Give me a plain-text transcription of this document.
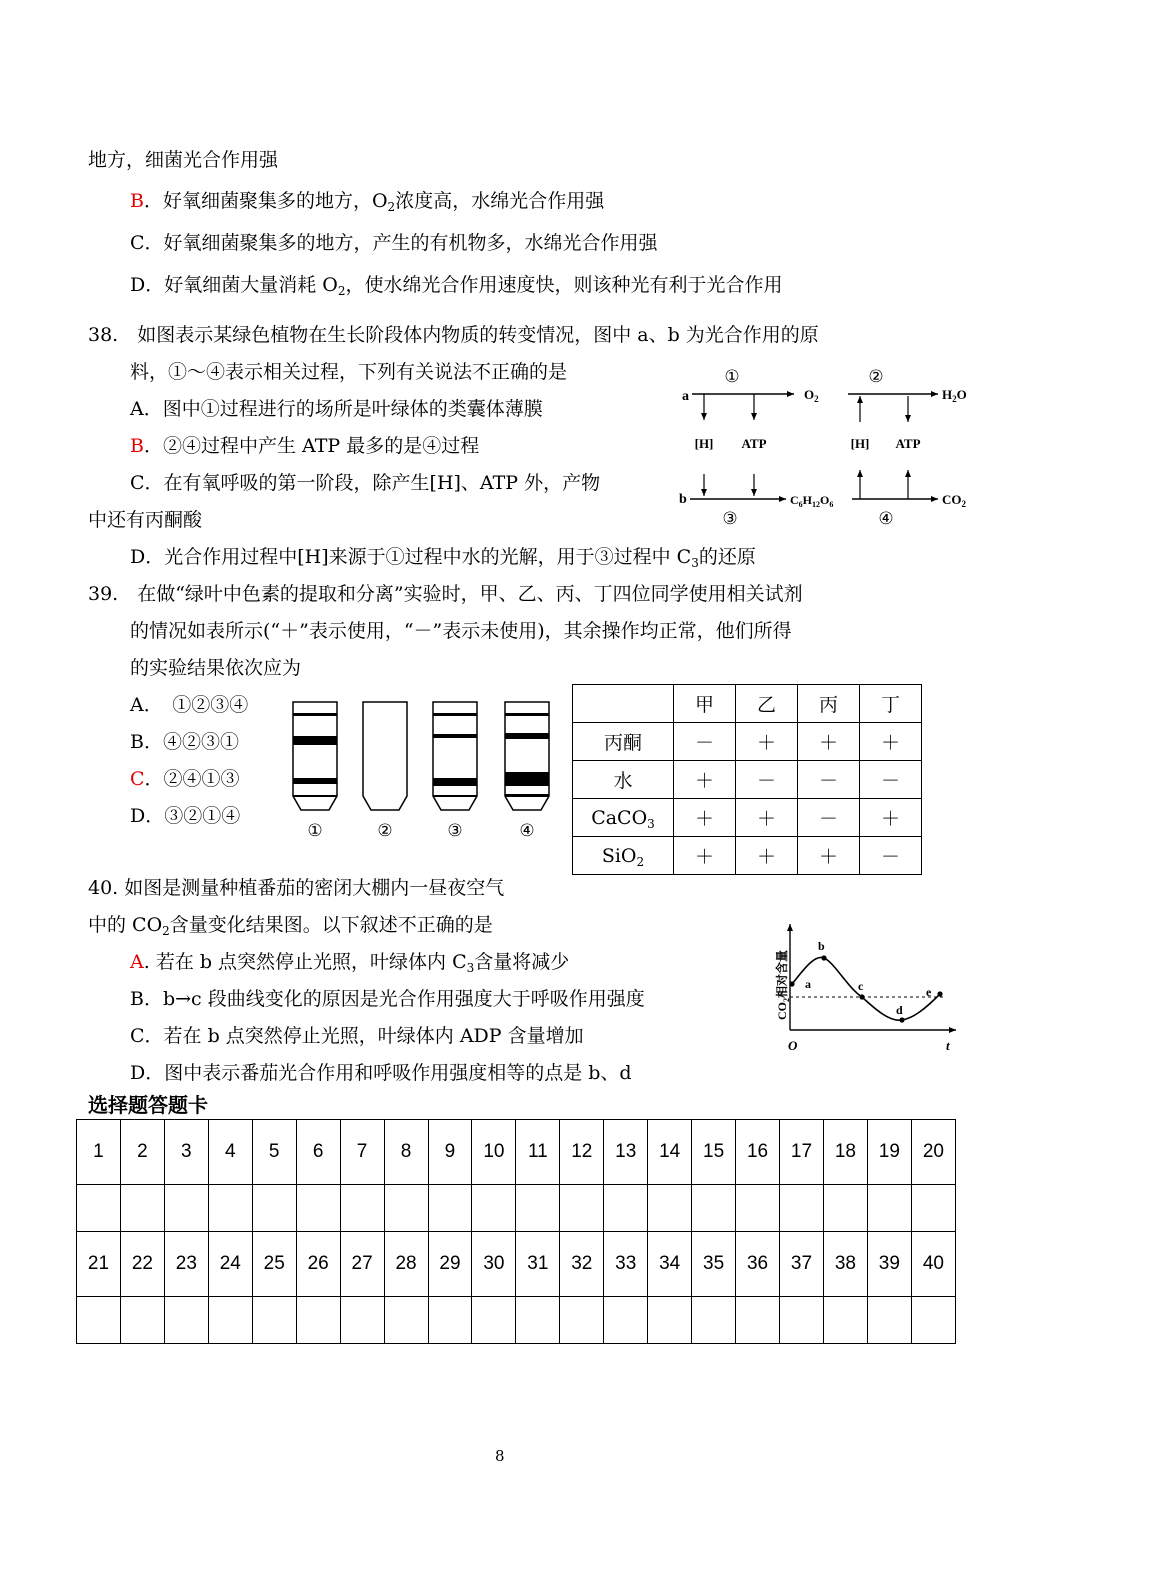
地方，细菌光合作用强
B．好氧细菌聚集多的地方，$O_2$浓度高，水绵光合作用强
C．好氧细菌聚集多的地方，产生的有机物多，水绵光合作用强
D．好氧细菌大量消耗 $O_2$，使水绵光合作用速度快，则该种光有利于光合作用
38.　如图表示某绿色植物在生长阶段体内物质的转变情况，图中 a、b 为光合作用的原
料，①～④表示相关过程，下列有关说法不正确的是
A．图中①过程进行的场所是叶绿体的类囊体薄膜
B．②④过程中产生 ATP 最多的是④过程
C．在有氧呼吸的第一阶段，除产生[H]、ATP 外，产物
中还有丙酮酸
D．光合作用过程中[H]来源于①过程中水的光解，用于③过程中 $C_3$的还原
①	②
a	$O_2$	$H_2O$
[H] ATP	[H] ATP
b	$C_6H_{12}O_6$	$CO_2$
③	④
39.　在做“绿叶中色素的提取和分离”实验时，甲、乙、丙、丁四位同学使用相关试剂
的情况如表所示(“＋”表示使用，“－”表示未使用)，其余操作均正常，他们所得
的实验结果依次应为
A．　①②③④
B．④②③①
C．②④①③
D．③②①④
①	②	③	④
	甲	乙	丙	丁
丙酮	－	＋	＋	＋
水	＋	－	－	－
CaCO$_3$	＋	＋	－	＋
SiO$_2$	＋	＋	＋	－
40. 如图是测量种植番茄的密闭大棚内一昼夜空气
中的 $CO_2$含量变化结果图。以下叙述不正确的是
A. 若在 b 点突然停止光照，叶绿体内 $C_3$含量将减少
B．b→c 段曲线变化的原因是光合作用强度大于呼吸作用强度
C．若在 b 点突然停止光照，叶绿体内 ADP 含量增加
D．图中表示番茄光合作用和呼吸作用强度相等的点是 b、d
$CO_2$相对含量
O	t
a
b
c
d
e
选择题答题卡
1	2	3	4	5	6	7	8	9	10	11	12	13	14	15	16	17	18	19	20

21	22	23	24	25	26	27	28	29	30	31	32	33	34	35	36	37	38	39	40

8
